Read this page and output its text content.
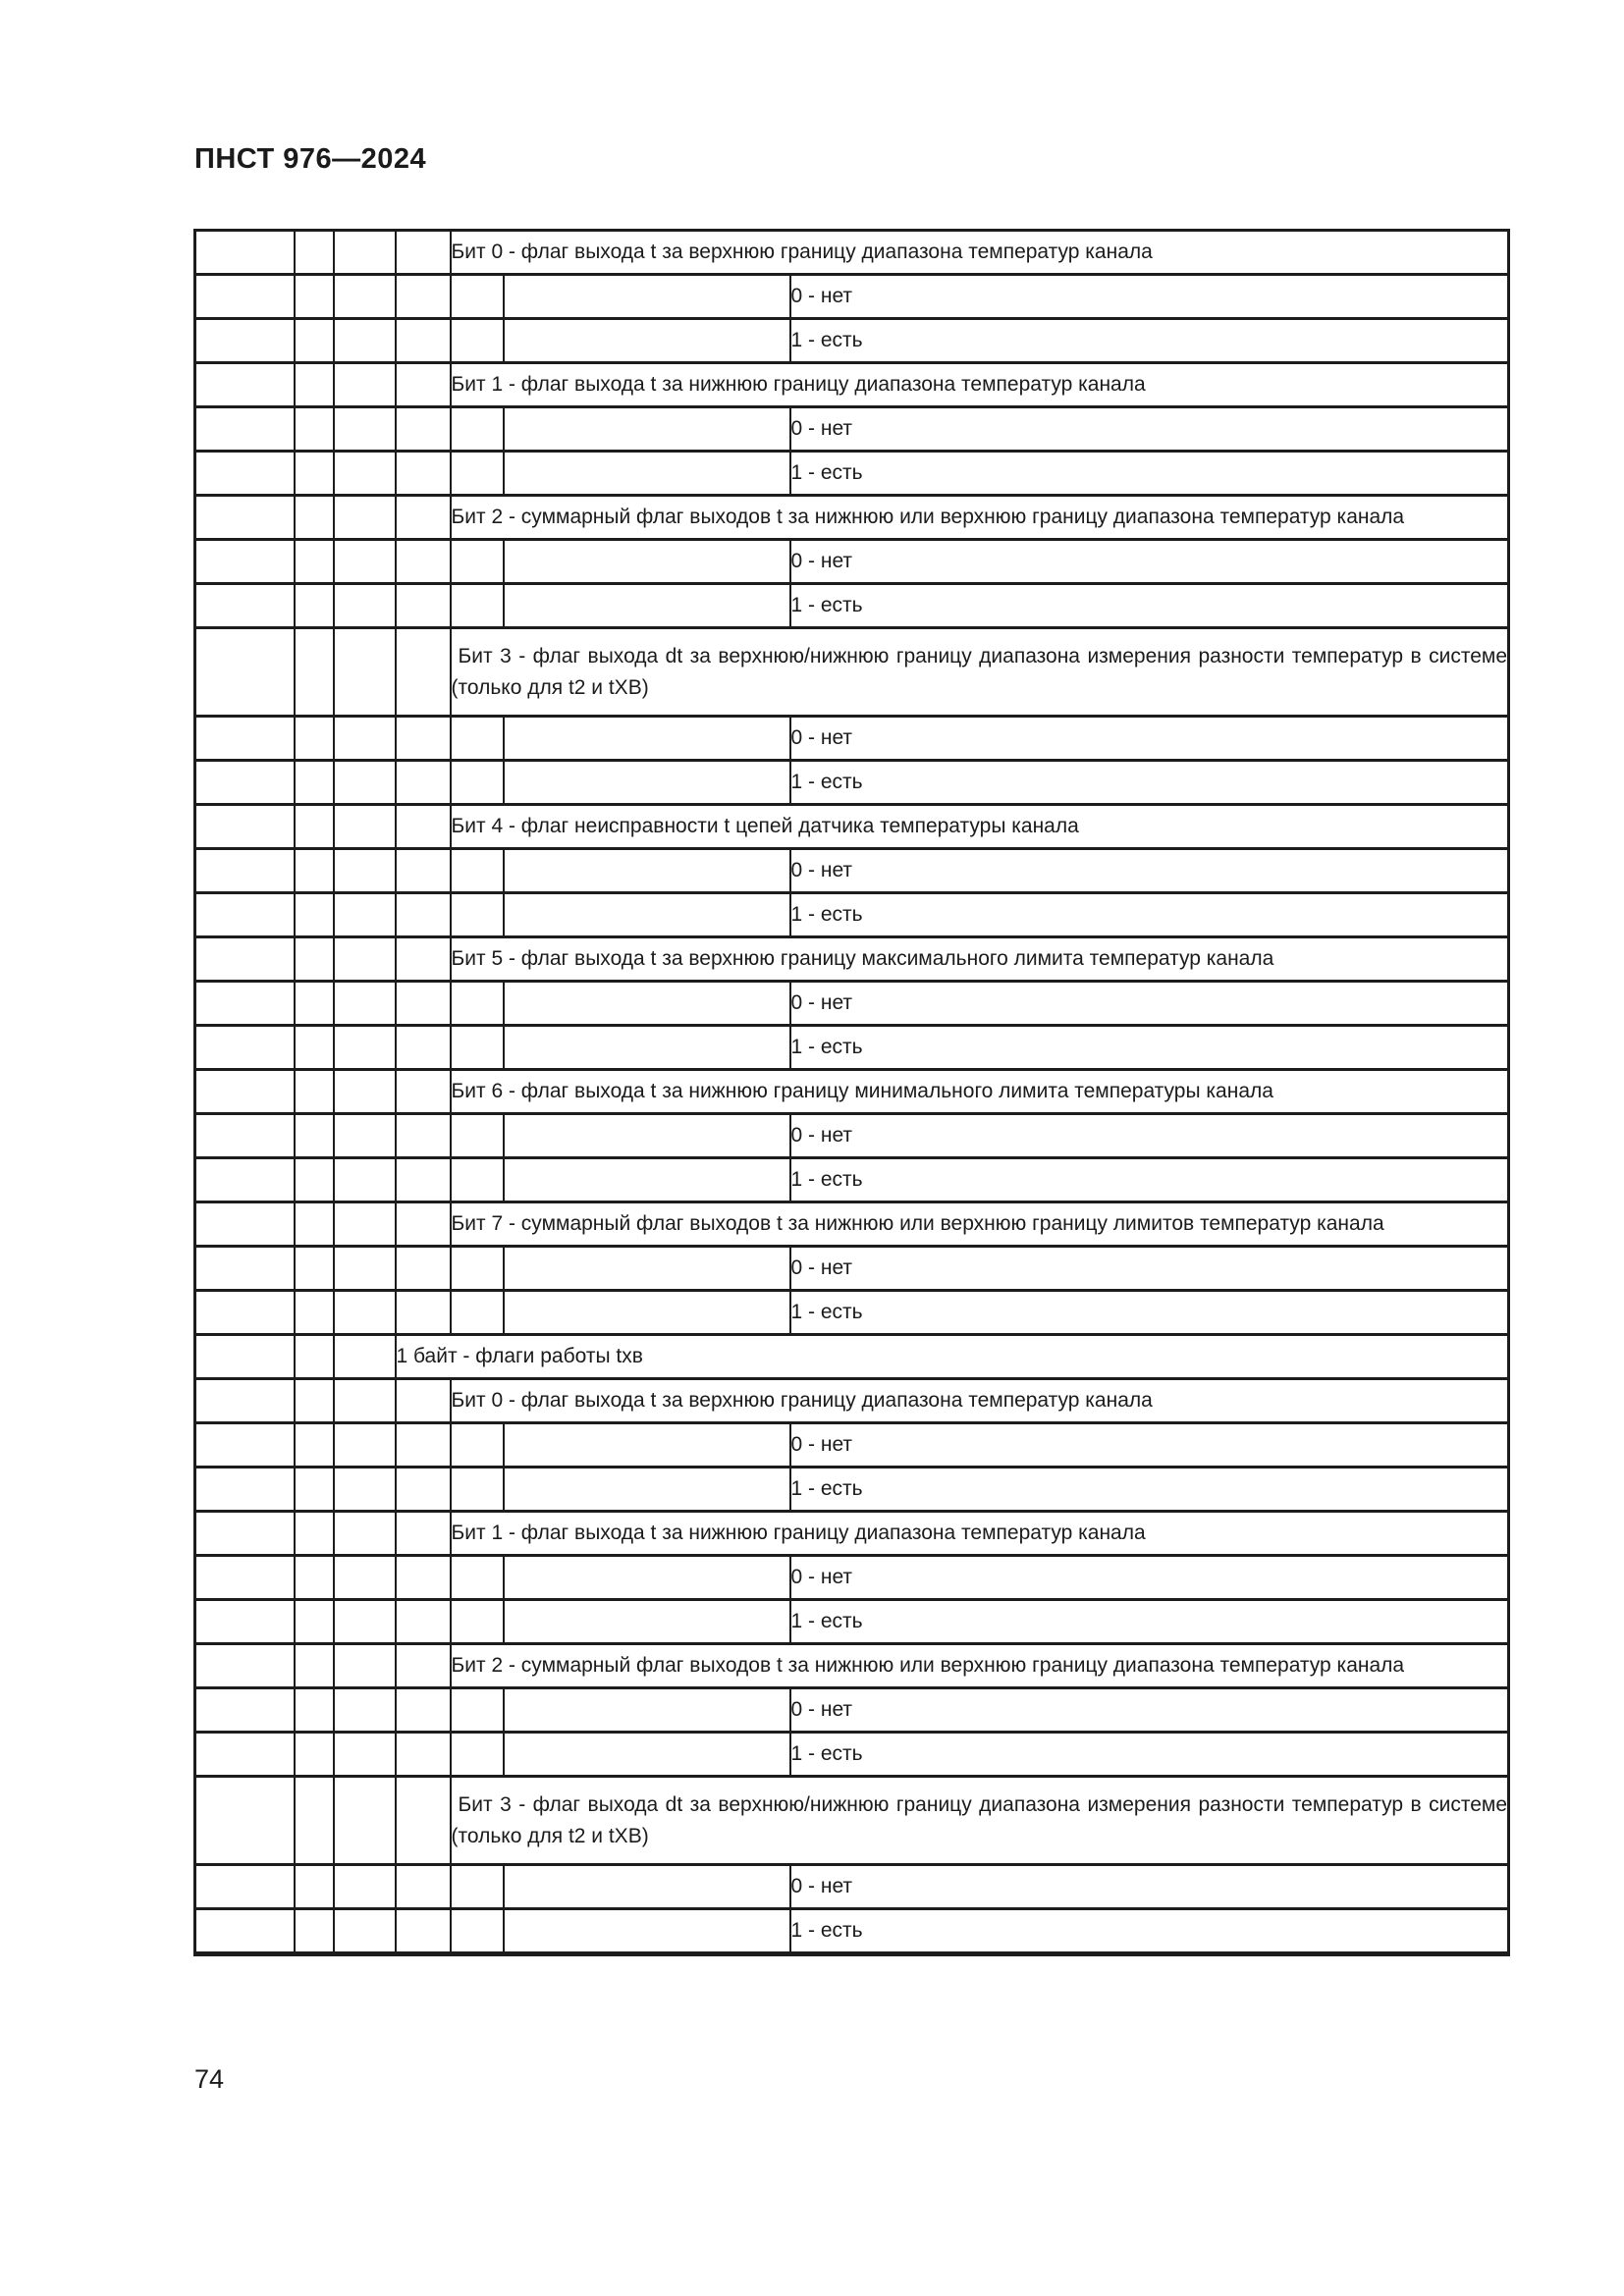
ПНСТ 976—2024
				Бит 0 - флаг выхода t за верхнюю границу диапазона температур канала		
						0 - нет
						1 - есть
				Бит 1 - флаг выхода t за нижнюю границу диапазона температур канала		
						0 - нет
						1 - есть
				Бит 2 - суммарный флаг выходов t за нижнюю или верхнюю границу диапазона температур канала		
						0 - нет
						1 - есть
				Бит 3 - флаг выхода dt за верхнюю/нижнюю границу диапазона измерения разности температур в системе (только для t2 и tХВ)		
						0 - нет
						1 - есть
				Бит 4 - флаг неисправности t цепей датчика температуры канала		
						0 - нет
						1 - есть
				Бит 5 - флаг выхода t за верхнюю границу максимального лимита температур канала		
						0 - нет
						1 - есть
				Бит 6 - флаг выхода t за нижнюю границу минимального лимита температуры канала		
						0 - нет
						1 - есть
				Бит 7 - суммарный флаг выходов t за нижнюю или верхнюю границу лимитов температур канала		
						0 - нет
						1 - есть
			1 байт - флаги работы tхв			
				Бит 0 - флаг выхода t за верхнюю границу диапазона температур канала		
						0 - нет
						1 - есть
				Бит 1 - флаг выхода t за нижнюю границу диапазона температур канала		
						0 - нет
						1 - есть
				Бит 2 - суммарный флаг выходов t за нижнюю или верхнюю границу диапазона температур канала		
						0 - нет
						1 - есть
				Бит 3 - флаг выхода dt за верхнюю/нижнюю границу диапазона измерения разности температур в системе (только для t2 и tХВ)		
						0 - нет
						1 - есть
74
